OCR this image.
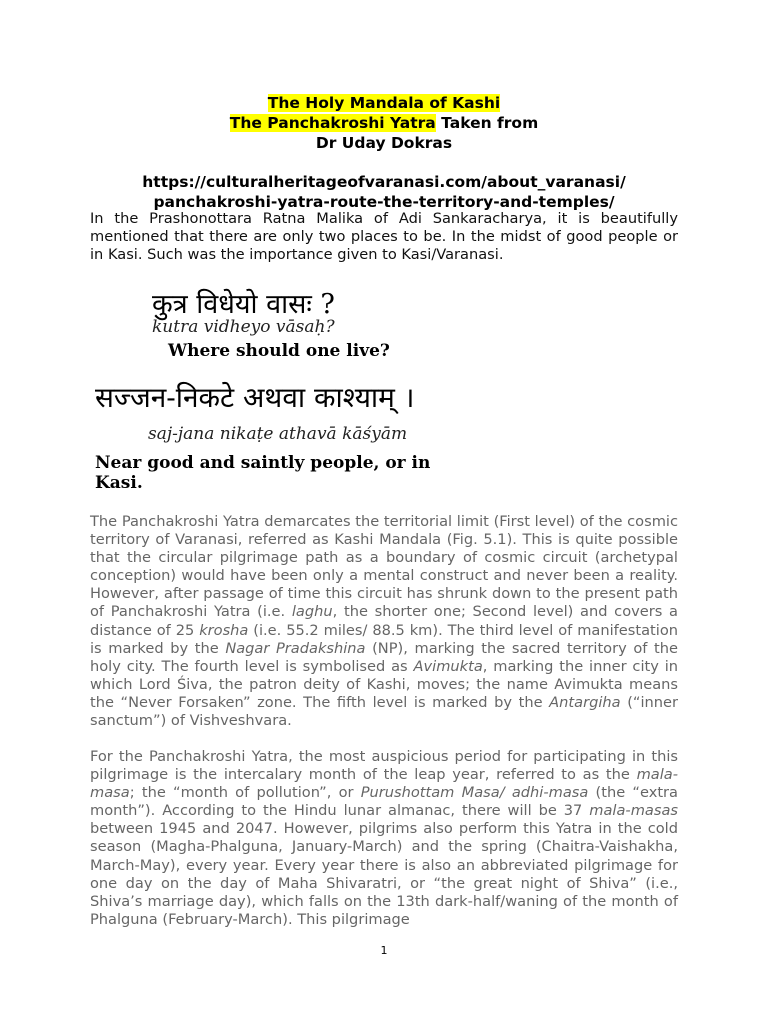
The Holy Mandala of Kashi
The Panchakroshi Yatra Taken from
Dr Uday Dokras
https://culturalheritageofvaranasi.com/about_varanasi/
panchakroshi-yatra-route-the-territory-and-temples/
In the Prashonottara Ratna Malika of Adi Sankaracharya, it is beautifully mentioned that there are only two places to be. In the midst of good people or in Kasi. Such was the importance given to Kasi/Varanasi.
कुत्र विधेयो वासः ?
kutra vidheyo vāsaḥ?
Where should one live?
सज्जन-निकटे अथवा काश्याम् ।
saj-jana nikaṭe athavā kāśyām
Near good and saintly people, or in Kasi.
The Panchakroshi Yatra demarcates the territorial limit (First level) of the cosmic territory of Varanasi, referred as Kashi Mandala (Fig. 5.1). This is quite possible that the circular pilgrimage path as a boundary of cosmic circuit (archetypal conception) would have been only a mental construct and never been a reality. However, after passage of time this circuit has shrunk down to the present path of Panchakroshi Yatra (i.e. laghu, the shorter one; Second level) and covers a distance of 25 krosha (i.e. 55.2 miles/ 88.5 km). The third level of manifestation is marked by the Nagar Pradakshina (NP), marking the sacred territory of the holy city. The fourth level is symbolised as Avimukta, marking the inner city in which Lord Śiva, the patron deity of Kashi, moves; the name Avimukta means the “Never Forsaken” zone. The fifth level is marked by the Antargiha (“inner sanctum”) of Vishveshvara.
For the Panchakroshi Yatra, the most auspicious period for participating in this pilgrimage is the intercalary month of the leap year, referred to as the mala-masa; the “month of pollution”, or Purushottam Masa/ adhi-masa (the “extra month”). According to the Hindu lunar almanac, there will be 37 mala-masas between 1945 and 2047. However, pilgrims also perform this Yatra in the cold season (Magha-Phalguna, January-March) and the spring (Chaitra-Vaishakha, March-May), every year. Every year there is also an abbreviated pilgrimage for one day on the day of Maha Shivaratri, or “the great night of Shiva” (i.e., Shiva’s marriage day), which falls on the 13th dark-half/waning of the month of Phalguna (February-March). This pilgrimage
1
